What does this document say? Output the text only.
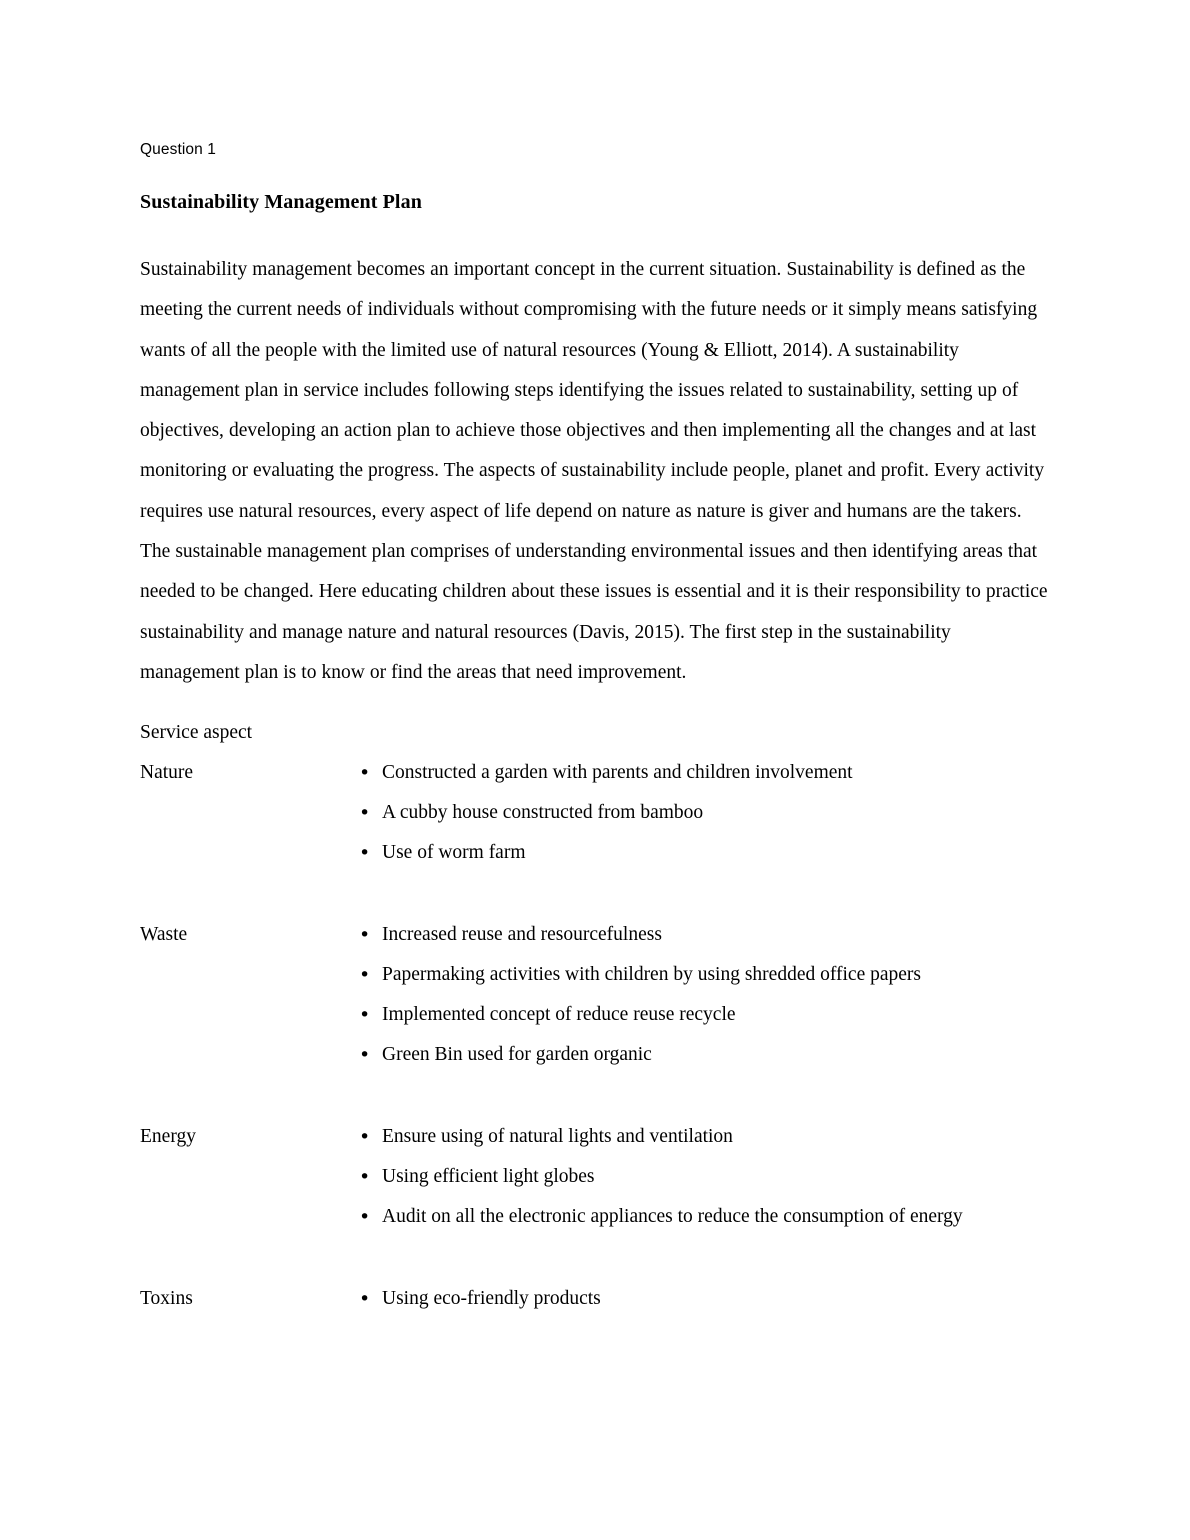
Question 1

Sustainability Management Plan

Sustainability management becomes an important concept in the current situation. Sustainability is defined as the meeting the current needs of individuals without compromising with the future needs or it simply means satisfying wants of all the people with the limited use of natural resources (Young & Elliott, 2014). A sustainability management plan in service includes following steps identifying the issues related to sustainability, setting up of objectives, developing an action plan to achieve those objectives and then implementing all the changes and at last monitoring or evaluating the progress. The aspects of sustainability include people, planet and profit. Every activity requires use natural resources, every aspect of life depend on nature as nature is giver and humans are the takers. The sustainable management plan comprises of understanding environmental issues and then identifying areas that needed to be changed. Here educating children about these issues is essential and it is their responsibility to practice sustainability and manage nature and natural resources (Davis, 2015). The first step in the sustainability management plan is to know or find the areas that need improvement.

Service aspect

Nature	• Constructed a garden with parents and children involvement
• A cubby house constructed from bamboo
• Use of worm farm

Waste	• Increased reuse and resourcefulness
• Papermaking activities with children by using shredded office papers
• Implemented concept of reduce reuse recycle
• Green Bin used for garden organic

Energy	• Ensure using of natural lights and ventilation
• Using efficient light globes
• Audit on all the electronic appliances to reduce the consumption of energy

Toxins	• Using eco-friendly products
